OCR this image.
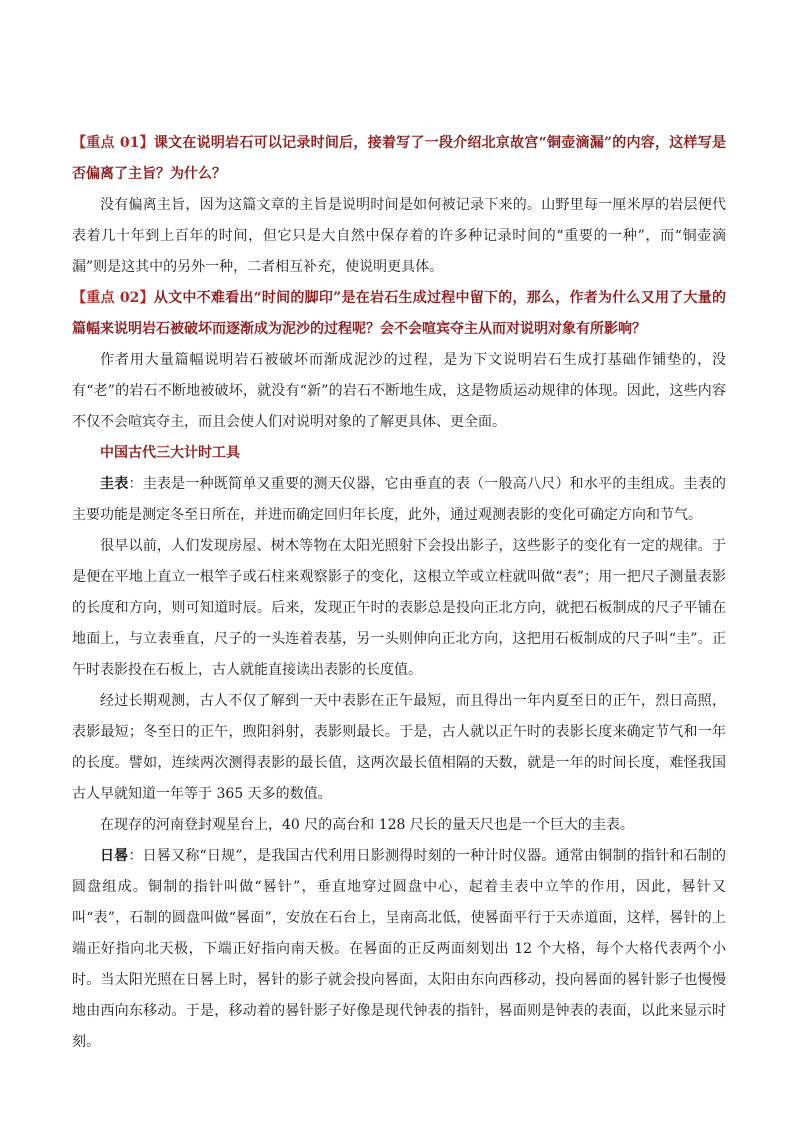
【重点 01】课文在说明岩石可以记录时间后，接着写了一段介绍北京故宫“铜壶滴漏”的内容，这样写是否偏离了主旨？为什么？

没有偏离主旨，因为这篇文章的主旨是说明时间是如何被记录下来的。山野里每一厘米厚的岩层便代表着几十年到上百年的时间，但它只是大自然中保存着的许多种记录时间的“重要的一种”，而“铜壶滴漏”则是这其中的另外一种，二者相互补充，使说明更具体。

【重点 02】从文中不难看出“时间的脚印”是在岩石生成过程中留下的，那么，作者为什么又用了大量的篇幅来说明岩石被破坏而逐渐成为泥沙的过程呢？会不会喧宾夺主从而对说明对象有所影响？

作者用大量篇幅说明岩石被破坏而渐成泥沙的过程，是为下文说明岩石生成打基础作铺垫的，没有“老”的岩石不断地被破坏，就没有“新”的岩石不断地生成，这是物质运动规律的体现。因此，这些内容不仅不会喧宾夺主，而且会使人们对说明对象的了解更具体、更全面。

中国古代三大计时工具

圭表：圭表是一种既简单又重要的测天仪器，它由垂直的表（一般高八尺）和水平的圭组成。圭表的主要功能是测定冬至日所在，并进而确定回归年长度，此外，通过观测表影的变化可确定方向和节气。

很早以前，人们发现房屋、树木等物在太阳光照射下会投出影子，这些影子的变化有一定的规律。于是便在平地上直立一根竿子或石柱来观察影子的变化，这根立竿或立柱就叫做“表”；用一把尺子测量表影的长度和方向，则可知道时辰。后来，发现正午时的表影总是投向正北方向，就把石板制成的尺子平铺在地面上，与立表垂直，尺子的一头连着表基，另一头则伸向正北方向，这把用石板制成的尺子叫“圭”。正午时表影投在石板上，古人就能直接读出表影的长度值。

经过长期观测，古人不仅了解到一天中表影在正午最短，而且得出一年内夏至日的正午，烈日高照，表影最短；冬至日的正午，煦阳斜射，表影则最长。于是，古人就以正午时的表影长度来确定节气和一年的长度。譬如，连续两次测得表影的最长值，这两次最长值相隔的天数，就是一年的时间长度，难怪我国古人早就知道一年等于 365 天多的数值。

在现存的河南登封观星台上，40 尺的高台和 128 尺长的量天尺也是一个巨大的圭表。

日晷：日晷又称“日规”，是我国古代利用日影测得时刻的一种计时仪器。通常由铜制的指针和石制的圆盘组成。铜制的指针叫做“晷针”，垂直地穿过圆盘中心，起着圭表中立竿的作用，因此，晷针又叫“表”，石制的圆盘叫做“晷面”，安放在石台上，呈南高北低，使晷面平行于天赤道面，这样，晷针的上端正好指向北天极，下端正好指向南天极。在晷面的正反两面刻划出 12 个大格，每个大格代表两个小时。当太阳光照在日晷上时，晷针的影子就会投向晷面，太阳由东向西移动，投向晷面的晷针影子也慢慢地由西向东移动。于是，移动着的晷针影子好像是现代钟表的指针，晷面则是钟表的表面，以此来显示时刻。
